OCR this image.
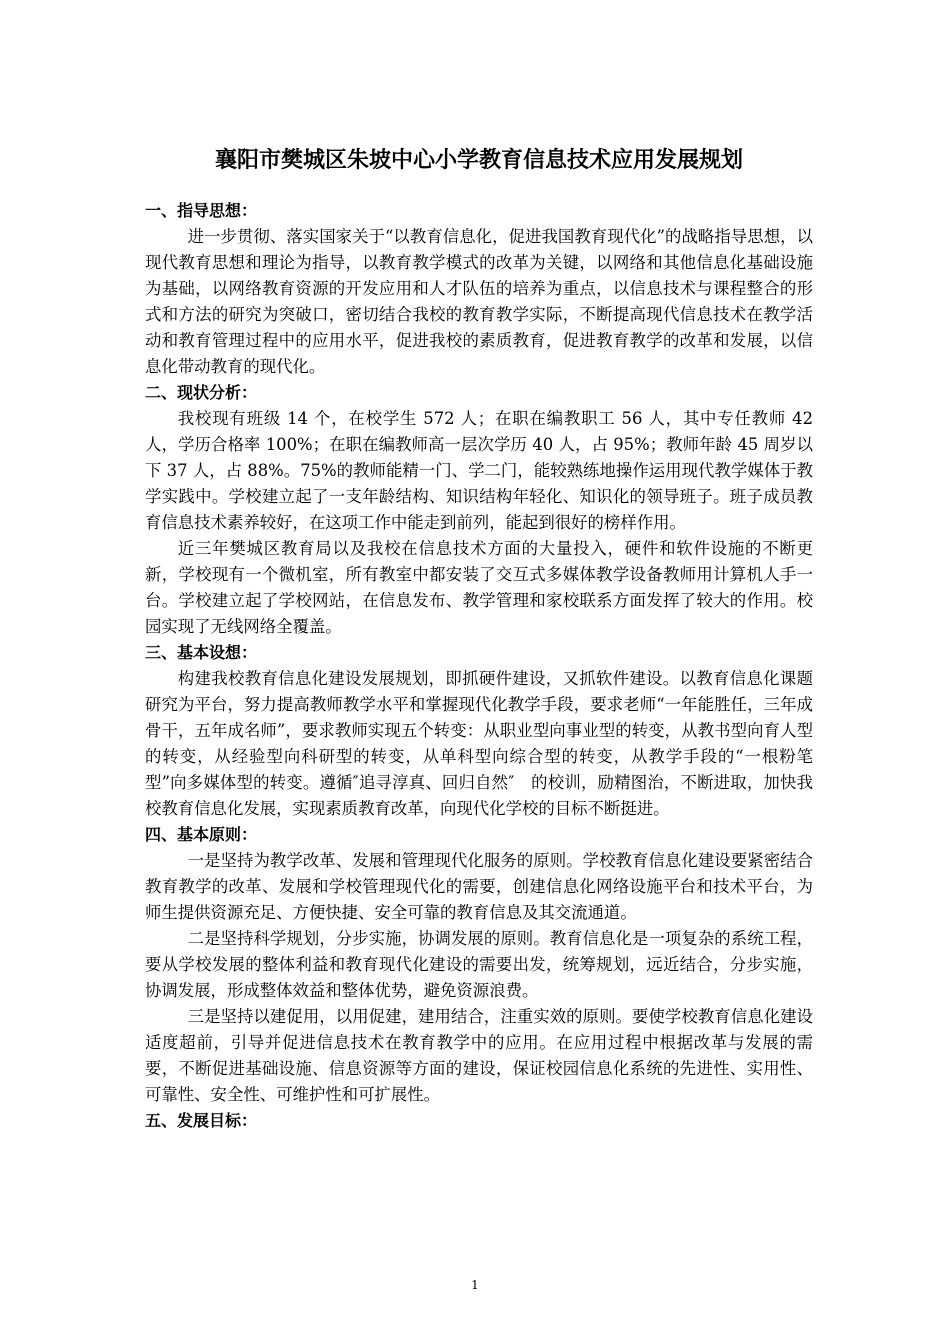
襄阳市樊城区朱坡中心小学教育信息技术应用发展规划

一、指导思想：

进一步贯彻、落实国家关于“以教育信息化，促进我国教育现代化”的战略指导思想，以现代教育思想和理论为指导，以教育教学模式的改革为关键，以网络和其他信息化基础设施为基础，以网络教育资源的开发应用和人才队伍的培养为重点，以信息技术与课程整合的形式和方法的研究为突破口，密切结合我校的教育教学实际，不断提高现代信息技术在教学活动和教育管理过程中的应用水平，促进我校的素质教育，促进教育教学的改革和发展，以信息化带动教育的现代化。

二、现状分析：

我校现有班级 14 个，在校学生 572 人；在职在编教职工 56 人，其中专任教师 42 人，学历合格率 100%；在职在编教师高一层次学历 40 人，占 95%；教师年龄 45 周岁以下 37 人，占 88%。75%的教师能精一门、学二门，能较熟练地操作运用现代教学媒体于教学实践中。学校建立起了一支年龄结构、知识结构年轻化、知识化的领导班子。班子成员教育信息技术素养较好，在这项工作中能走到前列，能起到很好的榜样作用。

近三年樊城区教育局以及我校在信息技术方面的大量投入，硬件和软件设施的不断更新，学校现有一个微机室，所有教室中都安装了交互式多媒体教学设备教师用计算机人手一台。学校建立起了学校网站，在信息发布、教学管理和家校联系方面发挥了较大的作用。校园实现了无线网络全覆盖。

三、基本设想：

构建我校教育信息化建设发展规划，即抓硬件建设，又抓软件建设。以教育信息化课题研究为平台，努力提高教师教学水平和掌握现代化教学手段，要求老师“一年能胜任，三年成骨干，五年成名师”，要求教师实现五个转变：从职业型向事业型的转变，从教书型向育人型的转变，从经验型向科研型的转变，从单科型向综合型的转变，从教学手段的“一根粉笔型”向多媒体型的转变。遵循″追寻淳真、回归自然″　的校训，励精图治，不断进取，加快我校教育信息化发展，实现素质教育改革，向现代化学校的目标不断挺进。

四、基本原则：

一是坚持为教学改革、发展和管理现代化服务的原则。学校教育信息化建设要紧密结合教育教学的改革、发展和学校管理现代化的需要，创建信息化网络设施平台和技术平台，为师生提供资源充足、方便快捷、安全可靠的教育信息及其交流通道。

二是坚持科学规划，分步实施，协调发展的原则。教育信息化是一项复杂的系统工程，要从学校发展的整体利益和教育现代化建设的需要出发，统筹规划，远近结合，分步实施，协调发展，形成整体效益和整体优势，避免资源浪费。

三是坚持以建促用，以用促建，建用结合，注重实效的原则。要使学校教育信息化建设适度超前，引导并促进信息技术在教育教学中的应用。在应用过程中根据改革与发展的需要，不断促进基础设施、信息资源等方面的建设，保证校园信息化系统的先进性、实用性、可靠性、安全性、可维护性和可扩展性。

五、发展目标：

1
